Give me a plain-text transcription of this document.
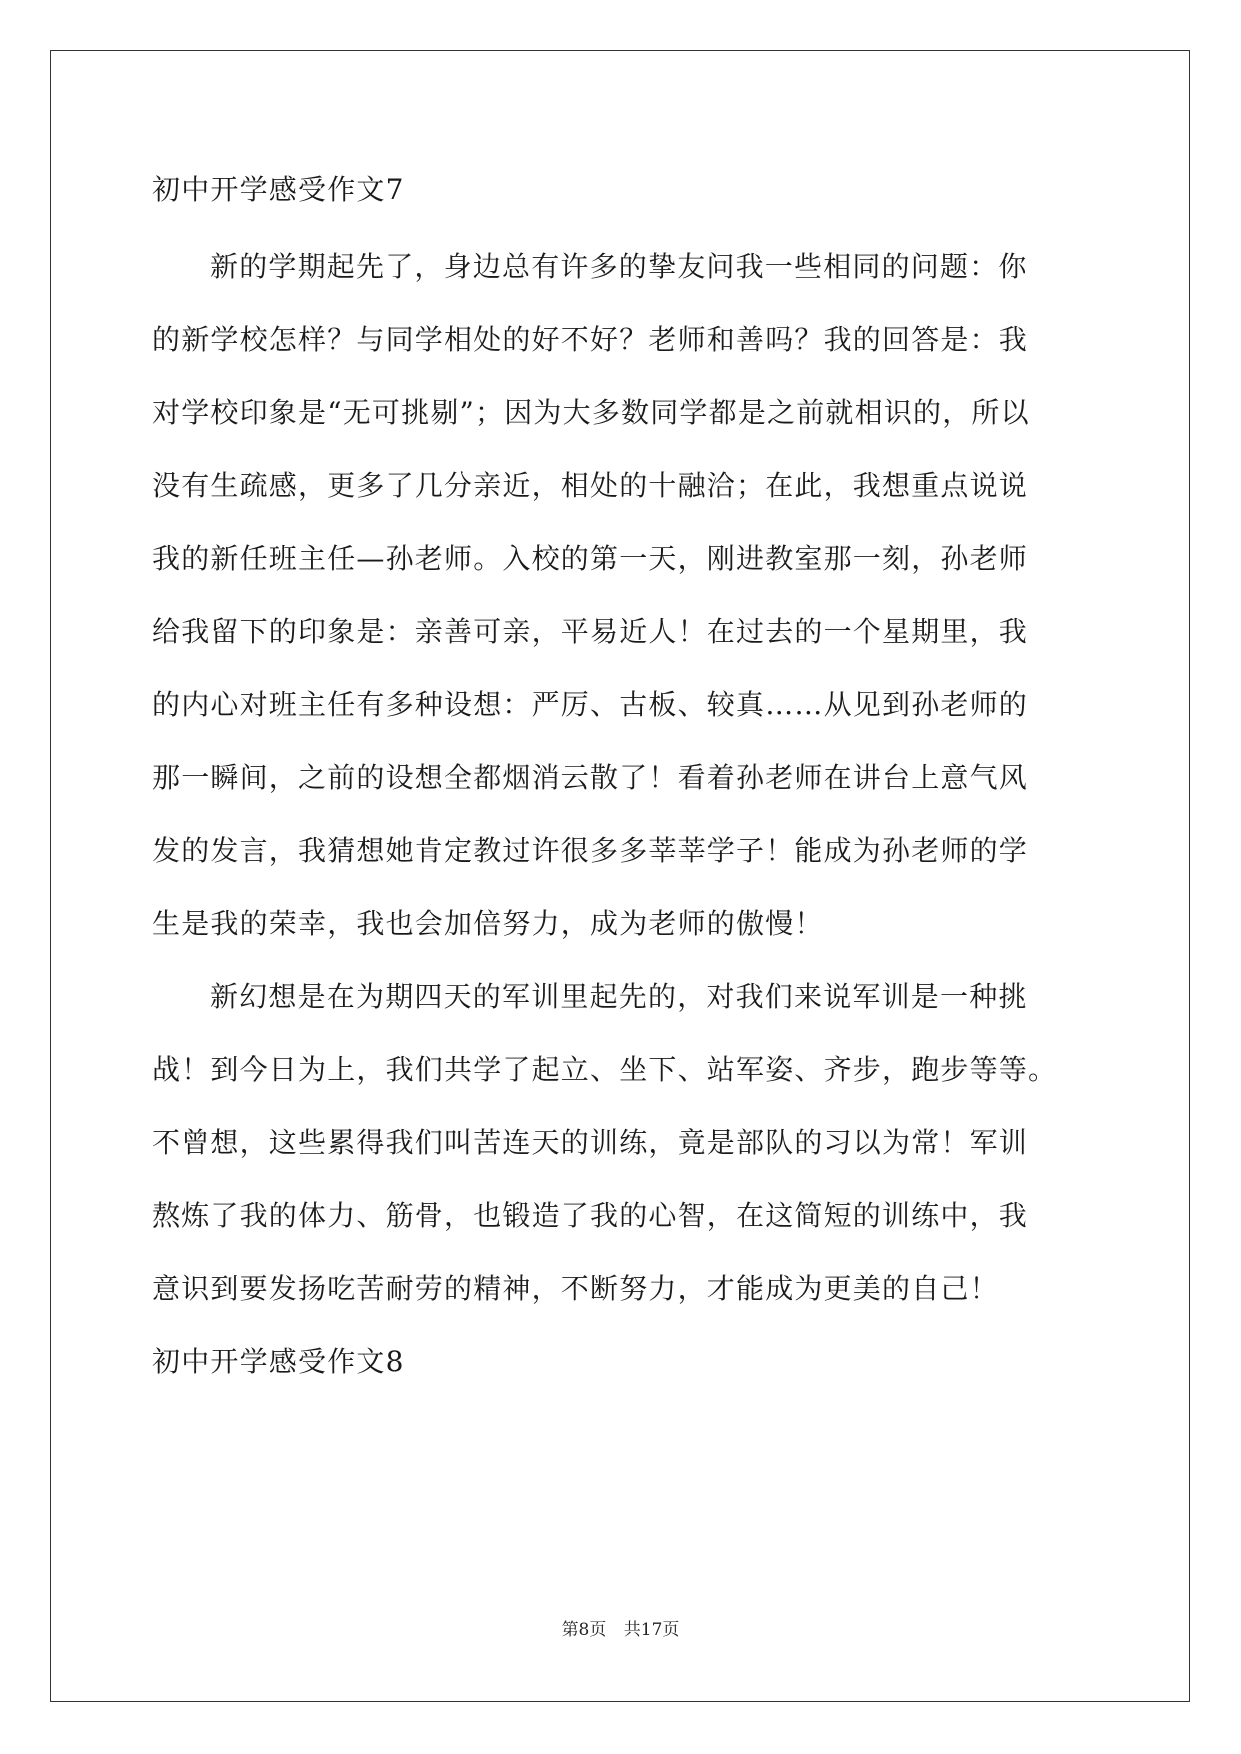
初中开学感受作文7
新的学期起先了，身边总有许多的挚友问我一些相同的问题：你
的新学校怎样？与同学相处的好不好？老师和善吗？我的回答是：我
对学校印象是“无可挑剔”；因为大多数同学都是之前就相识的，所以
没有生疏感，更多了几分亲近，相处的十融洽；在此，我想重点说说
我的新任班主任—孙老师。入校的第一天，刚进教室那一刻，孙老师
给我留下的印象是：亲善可亲，平易近人！在过去的一个星期里，我
的内心对班主任有多种设想：严厉、古板、较真……从见到孙老师的
那一瞬间，之前的设想全都烟消云散了！看着孙老师在讲台上意气风
发的发言，我猜想她肯定教过许很多多莘莘学子！能成为孙老师的学
生是我的荣幸，我也会加倍努力，成为老师的傲慢！
新幻想是在为期四天的军训里起先的，对我们来说军训是一种挑
战！到今日为上，我们共学了起立、坐下、站军姿、齐步，跑步等等。
不曾想，这些累得我们叫苦连天的训练，竟是部队的习以为常！军训
熬炼了我的体力、筋骨，也锻造了我的心智，在这简短的训练中，我
意识到要发扬吃苦耐劳的精神，不断努力，才能成为更美的自己！
初中开学感受作文8
第8页 共17页
